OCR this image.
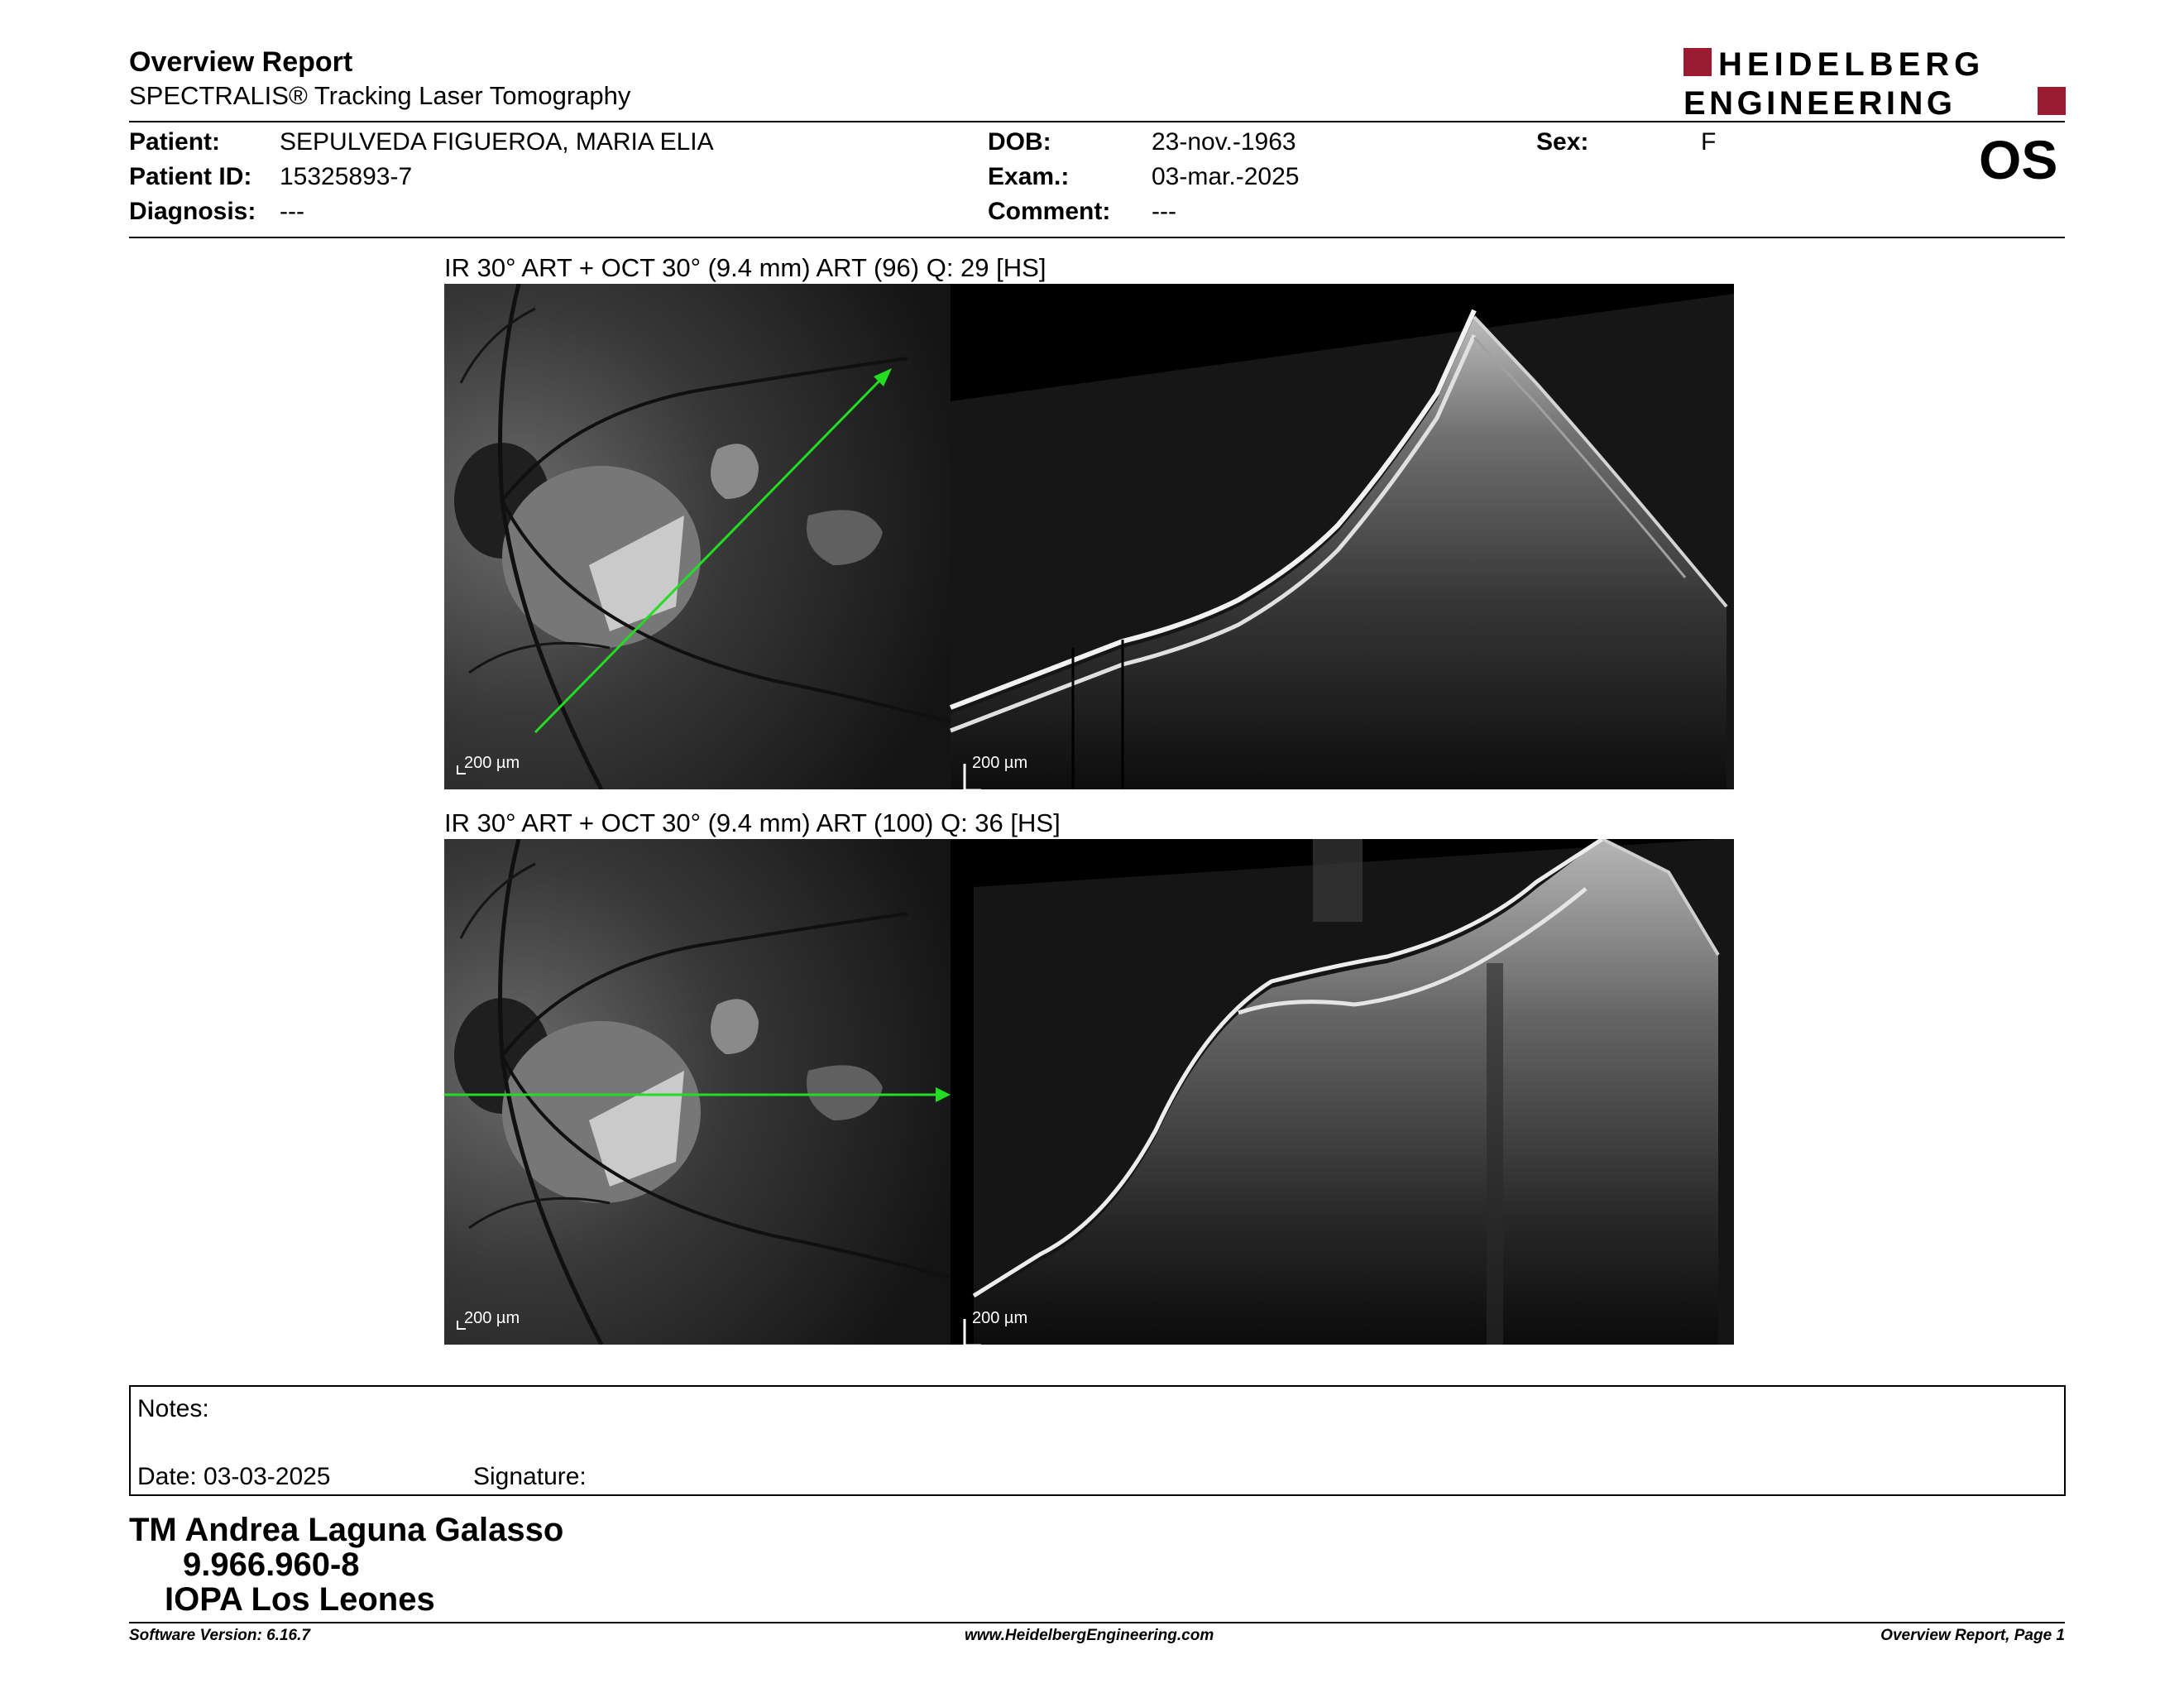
Overview Report
SPECTRALIS® Tracking Laser Tomography
HEIDELBERG
ENGINEERING
Patient: SEPULVEDA FIGUEROA, MARIA ELIA
Patient ID: 15325893-7
Diagnosis: ---
DOB:	23-nov.-1963
Exam.:	03-mar.-2025
Comment: ---
Sex:	F	OS
IR 30° ART + OCT 30° (9.4 mm) ART (96) Q: 29 [HS]
200 µm	200 µm
IR 30° ART + OCT 30° (9.4 mm) ART (100) Q: 36 [HS]
200 µm	200 µm
Notes:
Date: 03-03-2025	Signature:
TM Andrea Laguna Galasso
9.966.960-8
IOPA Los Leones
Software Version: 6.16.7	www.HeidelbergEngineering.com	Overview Report, Page 1
